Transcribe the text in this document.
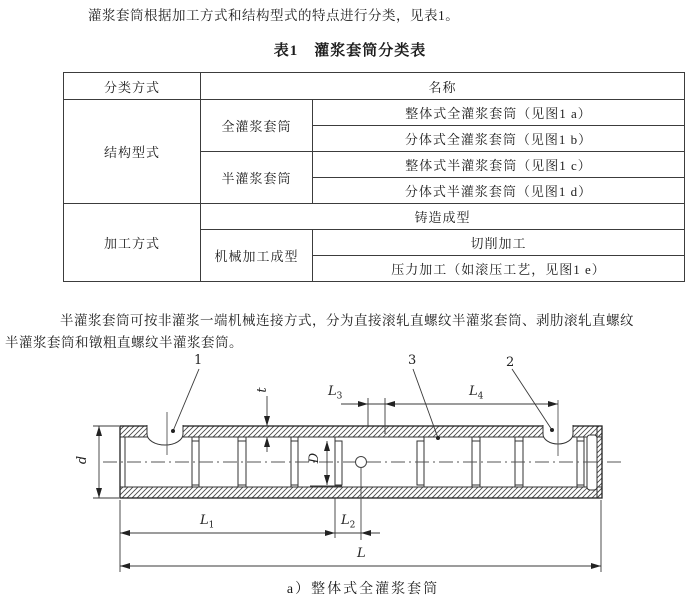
灌浆套筒根据加工方式和结构型式的特点进行分类，见表1。
表1　灌浆套筒分类表
分类方式	名称	
结构型式	全灌浆套筒	整体式全灌浆套筒（见图1 a）
		分体式全灌浆套筒（见图1 b）
	半灌浆套筒	整体式半灌浆套筒（见图1 c）
		分体式半灌浆套筒（见图1 d）
加工方式	铸造成型	
	机械加工成型	切削加工
		压力加工（如滚压工艺，见图1 e）
半灌浆套筒可按非灌浆一端机械连接方式，分为直接滚轧直螺纹半灌浆套筒、剥肋滚轧直螺纹
半灌浆套筒和镦粗直螺纹半灌浆套筒。
1	3	2
d
t
D
$L_3$	$L_4$
$L_1$	$L_2$
L
a）整体式全灌浆套筒
